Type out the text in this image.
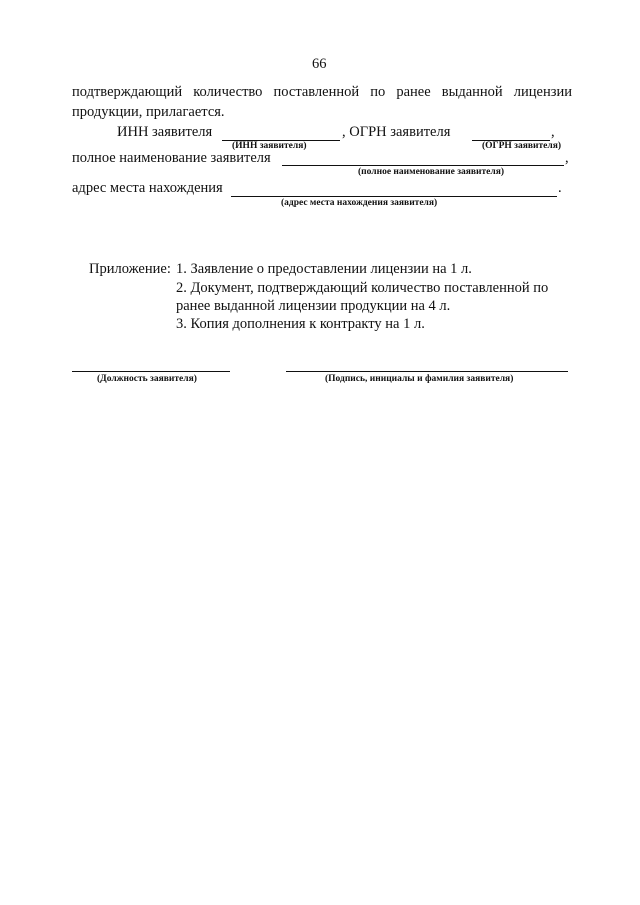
66
подтверждающий количество поставленной по ранее выданной лицензии
продукции, прилагается.
ИНН заявителя	, ОГРН заявителя	,
(ИНН заявителя)	(ОГРН заявителя)
полное наименование заявителя	,
(полное наименование заявителя)
адрес места нахождения	.
(адрес места нахождения заявителя)
Приложение: 1. Заявление о предоставлении лицензии на 1 л.
2. Документ, подтверждающий количество поставленной по
ранее выданной лицензии продукции на 4 л.
3. Копия дополнения к контракту на 1 л.
(Должность заявителя)	(Подпись, инициалы и фамилия заявителя)
